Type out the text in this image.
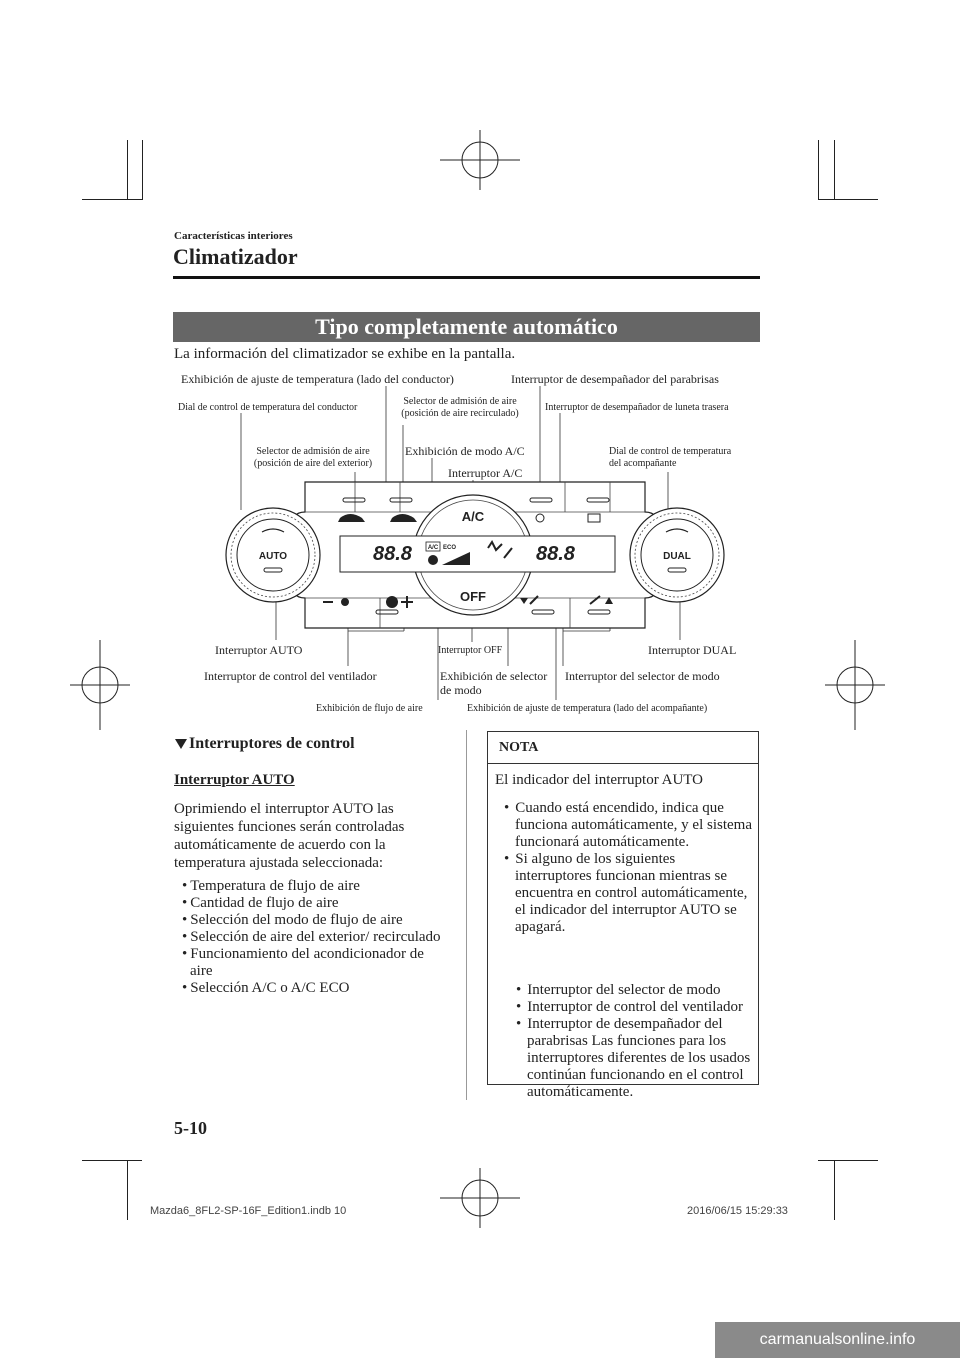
Características interiores
Climatizador
Tipo completamente automático
La información del climatizador se exhibe en la pantalla.
Exhibición de ajuste de temperatura (lado del conductor)	Interruptor de desempañador del parabrisas
Dial de control de temperatura del conductor
Selector de admisión de aire
(posición de aire recirculado)
Interruptor de desempañador de luneta trasera
Selector de admisión de aire
(posición de aire del exterior)
Exhibición de modo A/C	Dial de control de temperatura
del acompañante
Interruptor A/C
Interruptor AUTO	Interruptor OFF	Interruptor DUAL
Interruptor de control del ventilador	Exhibición de selector
de modo
Interruptor del selector de modo
Exhibición de flujo de aire	Exhibición de ajuste de temperatura (lado del acompañante)
A/C
OFF
88.8	88.8
A/C ECO
AUTO	DUAL
Interruptores de control
Interruptor AUTO
Oprimiendo el interruptor AUTO las siguientes funciones serán controladas automáticamente de acuerdo con la temperatura ajustada seleccionada:
• Temperatura de flujo de aire
• Cantidad de flujo de aire
• Selección del modo de flujo de aire
• Selección de aire del exterior/ recirculado
• Funcionamiento del acondicionador de aire
• Selección A/C o A/C ECO
NOTA
El indicador del interruptor AUTO
• Cuando está encendido, indica que funciona automáticamente, y el sistema funcionará automáticamente.
• Si alguno de los siguientes interruptores funcionan mientras se encuentra en control automáticamente, el indicador del interruptor AUTO se apagará.
• Interruptor del selector de modo
• Interruptor de control del ventilador
• Interruptor de desempañador del parabrisas Las funciones para los interruptores diferentes de los usados continúan funcionando en el control automáticamente.
5-10
Mazda6_8FL2-SP-16F_Edition1.indb 10	2016/06/15 15:29:33
carmanualsonline.info
